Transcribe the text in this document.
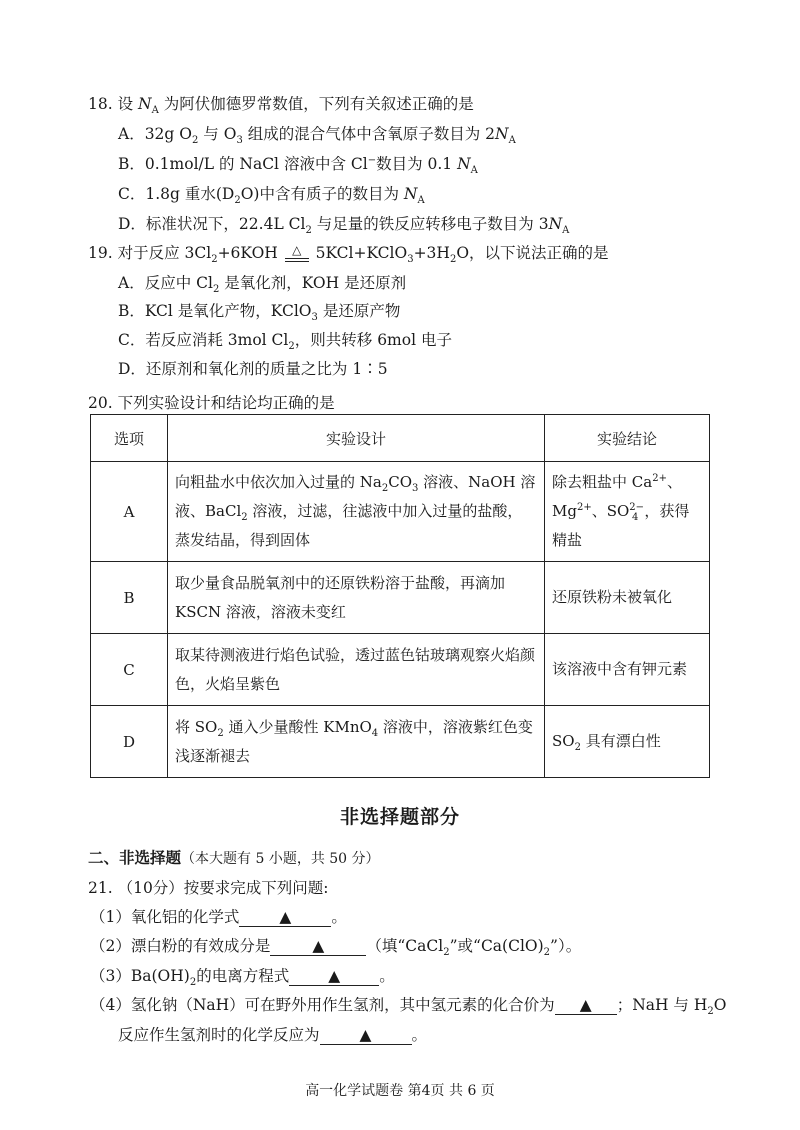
18. 设 $N_A$ 为阿伏伽德罗常数值，下列有关叙述正确的是
A．32g $O_2$ 与 $O_3$ 组成的混合气体中含氧原子数目为 $2N_A$
B．0.1mol/L 的 NaCl 溶液中含 Cl−数目为 0.1 $N_A$
C．1.8g 重水$(D_2O)$中含有质子的数目为 $N_A$
D．标准状况下，22.4L $Cl_2$ 与足量的铁反应转移电子数目为 $3N_A$
19. 对于反应 $3Cl_2+6KOH$ △
$5KCl+KClO_3+3H_2O$，以下说法正确的是
A．反应中 $Cl_2$ 是氧化剂，KOH 是还原剂
B．KCl 是氧化产物，KClO$_3$ 是还原产物
C．若反应消耗 3mol $Cl_2$，则共转移 6mol 电子
D．还原剂和氧化剂的质量之比为 1∶5
20. 下列实验设计和结论均正确的是
选项	实验设计	实验结论
A	向粗盐水中依次加入过量的 $Na_2CO_3$ 溶液、NaOH 溶液、BaCl$_2$ 溶液，过滤，往滤液中加入过量的盐酸，蒸发结晶，得到固体	除去粗盐中 $Ca^{2+}$、$Mg^{2+}$、$SO^{2-}_4$ ，获得精盐
B	取少量食品脱氧剂中的还原铁粉溶于盐酸，再滴加 KSCN 溶液，溶液未变红	还原铁粉未被氧化
C	取某待测液进行焰色试验，透过蓝色钴玻璃观察火焰颜色，火焰呈紫色	该溶液中含有钾元素
D	将 $SO_2$ 通入少量酸性 KMnO$_4$ 溶液中，溶液紫红色变浅逐渐褪去	$SO_2$ 具有漂白性
非选择题部分
二、非选择题（本大题有 5 小题，共 50 分）
21. （10分）按要求完成下列问题:
（1）氧化铝的化学式	▲	。
（2）漂白粉的有效成分是	▲	（填“CaCl$_2$”或“$Ca(ClO)_2$”）。
$(3)Ba(OH)_2$的电离方程式	▲	。
（4）氢化钠（NaH）可在野外用作生氢剂，其中氢元素的化合价为 ▲ ；NaH 与 $H_2O$
反应作生氢剂时的化学反应为	▲	。
高一化学试题卷 第4页 共 6 页
